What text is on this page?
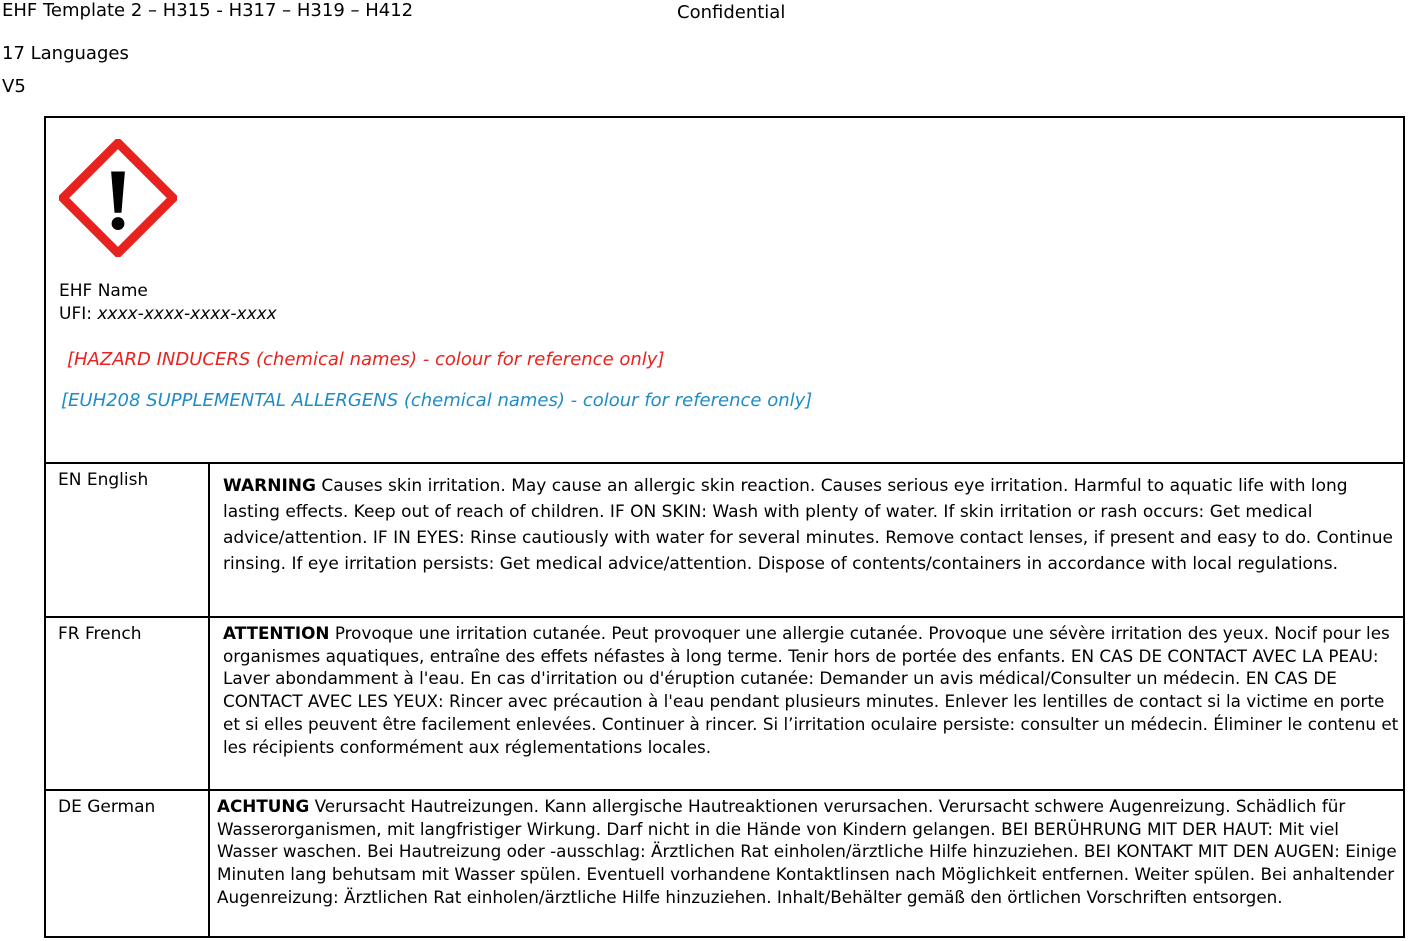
EHF Template 2 – H315 - H317 – H319 – H412	Confidential
17 Languages
V5
EHF Name
UFI: xxxx-xxxx-xxxx-xxxx
[HAZARD INDUCERS (chemical names) - colour for reference only]
[EUH208 SUPPLEMENTAL ALLERGENS (chemical names) - colour for reference only]
EN English	WARNING Causes skin irritation. May cause an allergic skin reaction. Causes serious eye irritation. Harmful to aquatic life with long lasting effects. Keep out of reach of children. IF ON SKIN: Wash with plenty of water. If skin irritation or rash occurs: Get medical advice/attention. IF IN EYES: Rinse cautiously with water for several minutes. Remove contact lenses, if present and easy to do. Continue rinsing. If eye irritation persists: Get medical advice/attention. Dispose of contents/containers in accordance with local regulations.
FR French	ATTENTION Provoque une irritation cutanée. Peut provoquer une allergie cutanée. Provoque une sévère irritation des yeux. Nocif pour les organismes aquatiques, entraîne des effets néfastes à long terme. Tenir hors de portée des enfants. EN CAS DE CONTACT AVEC LA PEAU: Laver abondamment à l'eau. En cas d'irritation ou d'éruption cutanée: Demander un avis médical/Consulter un médecin. EN CAS DE CONTACT AVEC LES YEUX: Rincer avec précaution à l'eau pendant plusieurs minutes. Enlever les lentilles de contact si la victime en porte et si elles peuvent être facilement enlevées. Continuer à rincer. Si l’irritation oculaire persiste: consulter un médecin. Éliminer le contenu et les récipients conformément aux réglementations locales.
DE German	ACHTUNG Verursacht Hautreizungen. Kann allergische Hautreaktionen verursachen. Verursacht schwere Augenreizung. Schädlich für Wasserorganismen, mit langfristiger Wirkung. Darf nicht in die Hände von Kindern gelangen. BEI BERÜHRUNG MIT DER HAUT: Mit viel Wasser waschen. Bei Hautreizung oder -ausschlag: Ärztlichen Rat einholen/ärztliche Hilfe hinzuziehen. BEI KONTAKT MIT DEN AUGEN: Einige Minuten lang behutsam mit Wasser spülen. Eventuell vorhandene Kontaktlinsen nach Möglichkeit entfernen. Weiter spülen. Bei anhaltender Augenreizung: Ärztlichen Rat einholen/ärztliche Hilfe hinzuziehen. Inhalt/Behälter gemäß den örtlichen Vorschriften entsorgen.
